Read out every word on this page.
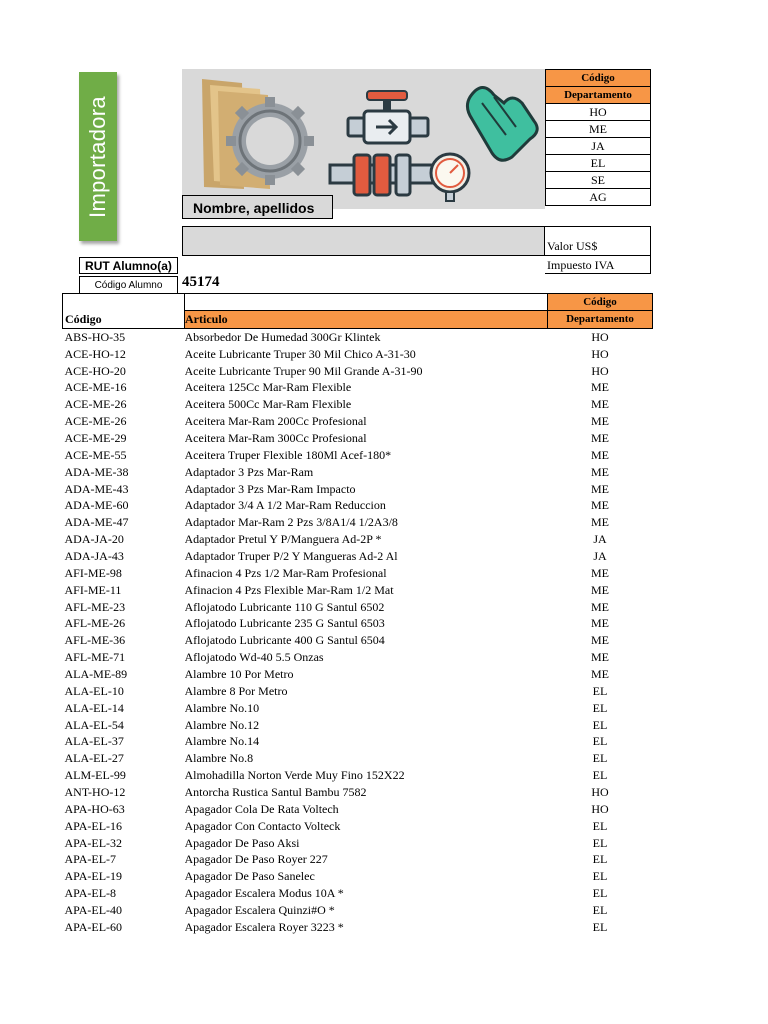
Importadora	Nombre, apellidos
Código
Departamento
HO
ME
JA
EL
SE
AG
Valor US$
Impuesto IVA
RUT Alumno(a)
Código Alumno	45174
		Código
Código	Articulo	Departamento
ABS-HO-35	Absorbedor De Humedad 300Gr Klintek	HO
ACE-HO-12	Aceite Lubricante Truper 30 Mil Chico A-31-30	HO
ACE-HO-20	Aceite Lubricante Truper 90 Mil Grande A-31-90	HO
ACE-ME-16	Aceitera 125Cc Mar-Ram Flexible	ME
ACE-ME-26	Aceitera 500Cc Mar-Ram Flexible	ME
ACE-ME-26	Aceitera Mar-Ram 200Cc Profesional	ME
ACE-ME-29	Aceitera Mar-Ram 300Cc Profesional	ME
ACE-ME-55	Aceitera Truper Flexible 180Ml Acef-180*	ME
ADA-ME-38	Adaptador 3 Pzs Mar-Ram	ME
ADA-ME-43	Adaptador 3 Pzs Mar-Ram Impacto	ME
ADA-ME-60	Adaptador 3/4 A 1/2 Mar-Ram Reduccion	ME
ADA-ME-47	Adaptador Mar-Ram 2 Pzs 3/8A1/4 1/2A3/8	ME
ADA-JA-20	Adaptador Pretul Y P/Manguera Ad-2P *	JA
ADA-JA-43	Adaptador Truper P/2 Y Mangueras Ad-2 Al	JA
AFI-ME-98	Afinacion 4 Pzs 1/2 Mar-Ram Profesional	ME
AFI-ME-11	Afinacion 4 Pzs Flexible Mar-Ram 1/2 Mat	ME
AFL-ME-23	Aflojatodo Lubricante 110 G Santul 6502	ME
AFL-ME-26	Aflojatodo Lubricante 235 G Santul 6503	ME
AFL-ME-36	Aflojatodo Lubricante 400 G Santul 6504	ME
AFL-ME-71	Aflojatodo Wd-40 5.5 Onzas	ME
ALA-ME-89	Alambre 10 Por Metro	ME
ALA-EL-10	Alambre 8 Por Metro	EL
ALA-EL-14	Alambre No.10	EL
ALA-EL-54	Alambre No.12	EL
ALA-EL-37	Alambre No.14	EL
ALA-EL-27	Alambre No.8	EL
ALM-EL-99	Almohadilla Norton Verde Muy Fino 152X22	EL
ANT-HO-12	Antorcha Rustica Santul Bambu 7582	HO
APA-HO-63	Apagador Cola De Rata Voltech	HO
APA-EL-16	Apagador Con Contacto Volteck	EL
APA-EL-32	Apagador De Paso Aksi	EL
APA-EL-7	Apagador De Paso Royer 227	EL
APA-EL-19	Apagador De Paso Sanelec	EL
APA-EL-8	Apagador Escalera Modus 10A *	EL
APA-EL-40	Apagador Escalera Quinzi#O *	EL
APA-EL-60	Apagador Escalera Royer 3223 *	EL
